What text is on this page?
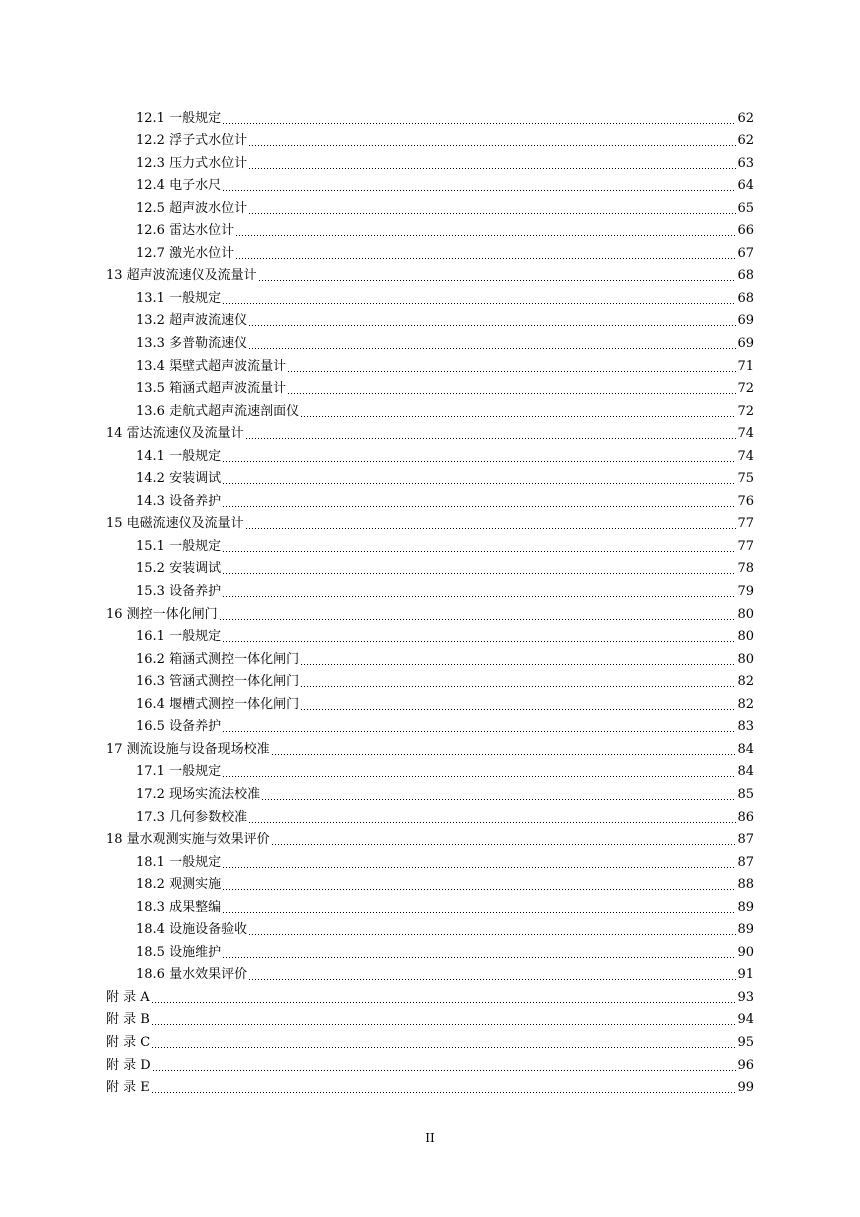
12.1 一般规定	62
12.2 浮子式水位计	62
12.3 压力式水位计	63
12.4 电子水尺	64
12.5 超声波水位计	65
12.6 雷达水位计	66
12.7 激光水位计	67
13 超声波流速仪及流量计	68
13.1 一般规定	68
13.2 超声波流速仪	69
13.3 多普勒流速仪	69
13.4 渠壁式超声波流量计	71
13.5 箱涵式超声波流量计	72
13.6 走航式超声流速剖面仪	72
14 雷达流速仪及流量计	74
14.1 一般规定	74
14.2 安装调试	75
14.3 设备养护	76
15 电磁流速仪及流量计	77
15.1 一般规定	77
15.2 安装调试	78
15.3 设备养护	79
16 测控一体化闸门	80
16.1 一般规定	80
16.2 箱涵式测控一体化闸门	80
16.3 管涵式测控一体化闸门	82
16.4 堰槽式测控一体化闸门	82
16.5 设备养护	83
17 测流设施与设备现场校准	84
17.1 一般规定	84
17.2 现场实流法校准	85
17.3 几何参数校准	86
18 量水观测实施与效果评价	87
18.1 一般规定	87
18.2 观测实施	88
18.3 成果整编	89
18.4 设施设备验收	89
18.5 设施维护	90
18.6 量水效果评价	91
附 录 A	93
附 录 B	94
附 录 C	95
附 录 D	96
附 录 E	99
II
